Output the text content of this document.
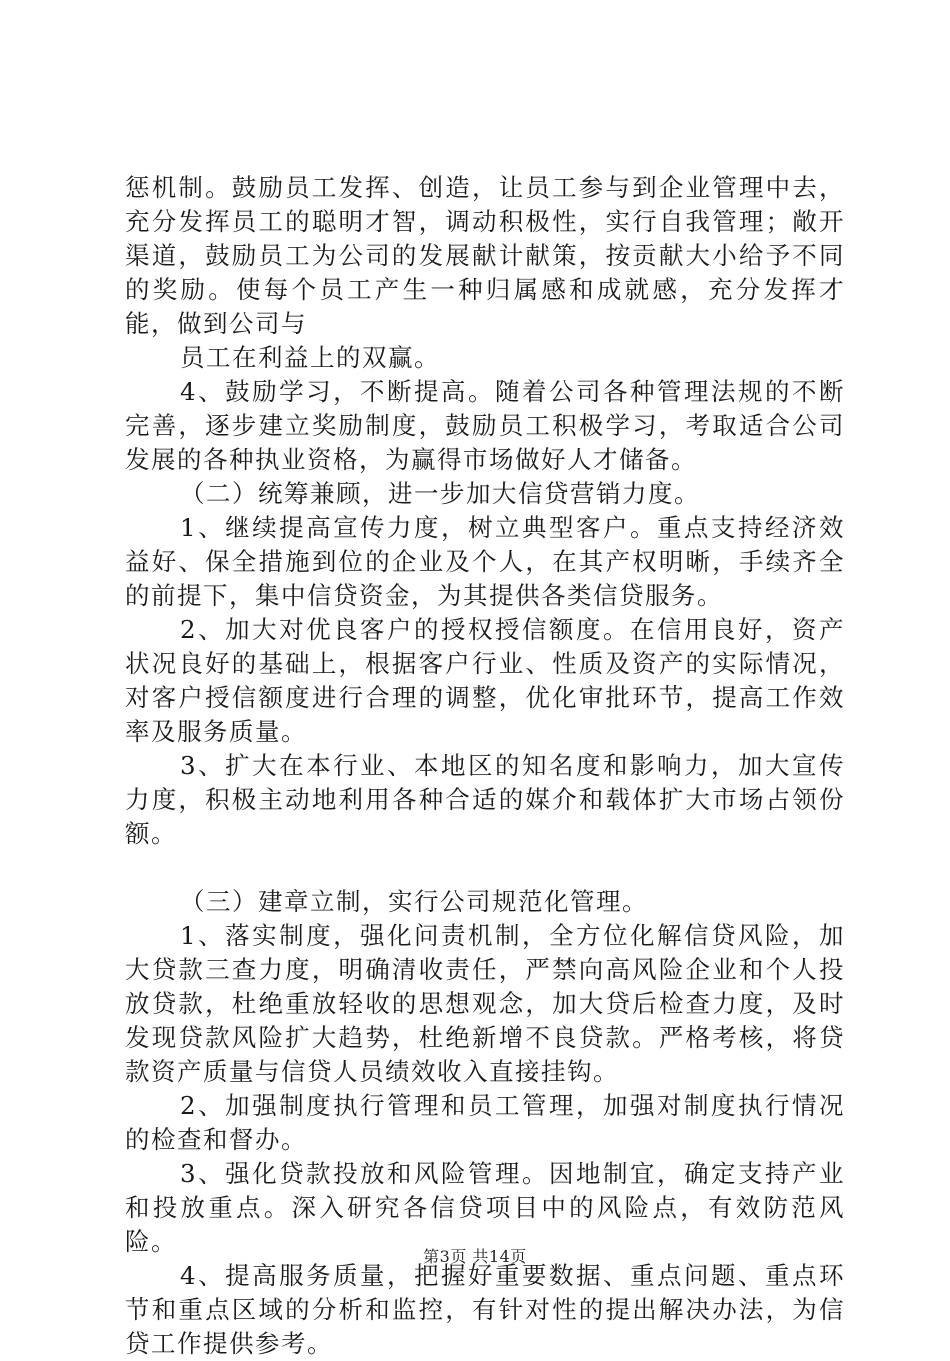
惩机制。鼓励员工发挥、创造，让员工参与到企业管理中去，充分发挥员工的聪明才智，调动积极性，实行自我管理；敞开渠道，鼓励员工为公司的发展献计献策，按贡献大小给予不同的奖励。使每个员工产生一种归属感和成就感，充分发挥才能，做到公司与

员工在利益上的双赢。

4、鼓励学习，不断提高。随着公司各种管理法规的不断完善，逐步建立奖励制度，鼓励员工积极学习，考取适合公司发展的各种执业资格，为赢得市场做好人才储备。

（二）统筹兼顾，进一步加大信贷营销力度。

1、继续提高宣传力度，树立典型客户。重点支持经济效益好、保全措施到位的企业及个人，在其产权明晰，手续齐全的前提下，集中信贷资金，为其提供各类信贷服务。

2、加大对优良客户的授权授信额度。在信用良好，资产状况良好的基础上，根据客户行业、性质及资产的实际情况，对客户授信额度进行合理的调整，优化审批环节，提高工作效率及服务质量。

3、扩大在本行业、本地区的知名度和影响力，加大宣传力度，积极主动地利用各种合适的媒介和载体扩大市场占领份额。

（三）建章立制，实行公司规范化管理。

1、落实制度，强化问责机制，全方位化解信贷风险，加大贷款三查力度，明确清收责任，严禁向高风险企业和个人投放贷款，杜绝重放轻收的思想观念，加大贷后检查力度，及时发现贷款风险扩大趋势，杜绝新增不良贷款。严格考核，将贷款资产质量与信贷人员绩效收入直接挂钩。

2、加强制度执行管理和员工管理，加强对制度执行情况的检查和督办。

3、强化贷款投放和风险管理。因地制宜，确定支持产业和投放重点。深入研究各信贷项目中的风险点，有效防范风险。

4、提高服务质量，把握好重要数据、重点问题、重点环节和重点区域的分析和监控，有针对性的提出解决办法，为信贷工作提供参考。

第3页 共14页
